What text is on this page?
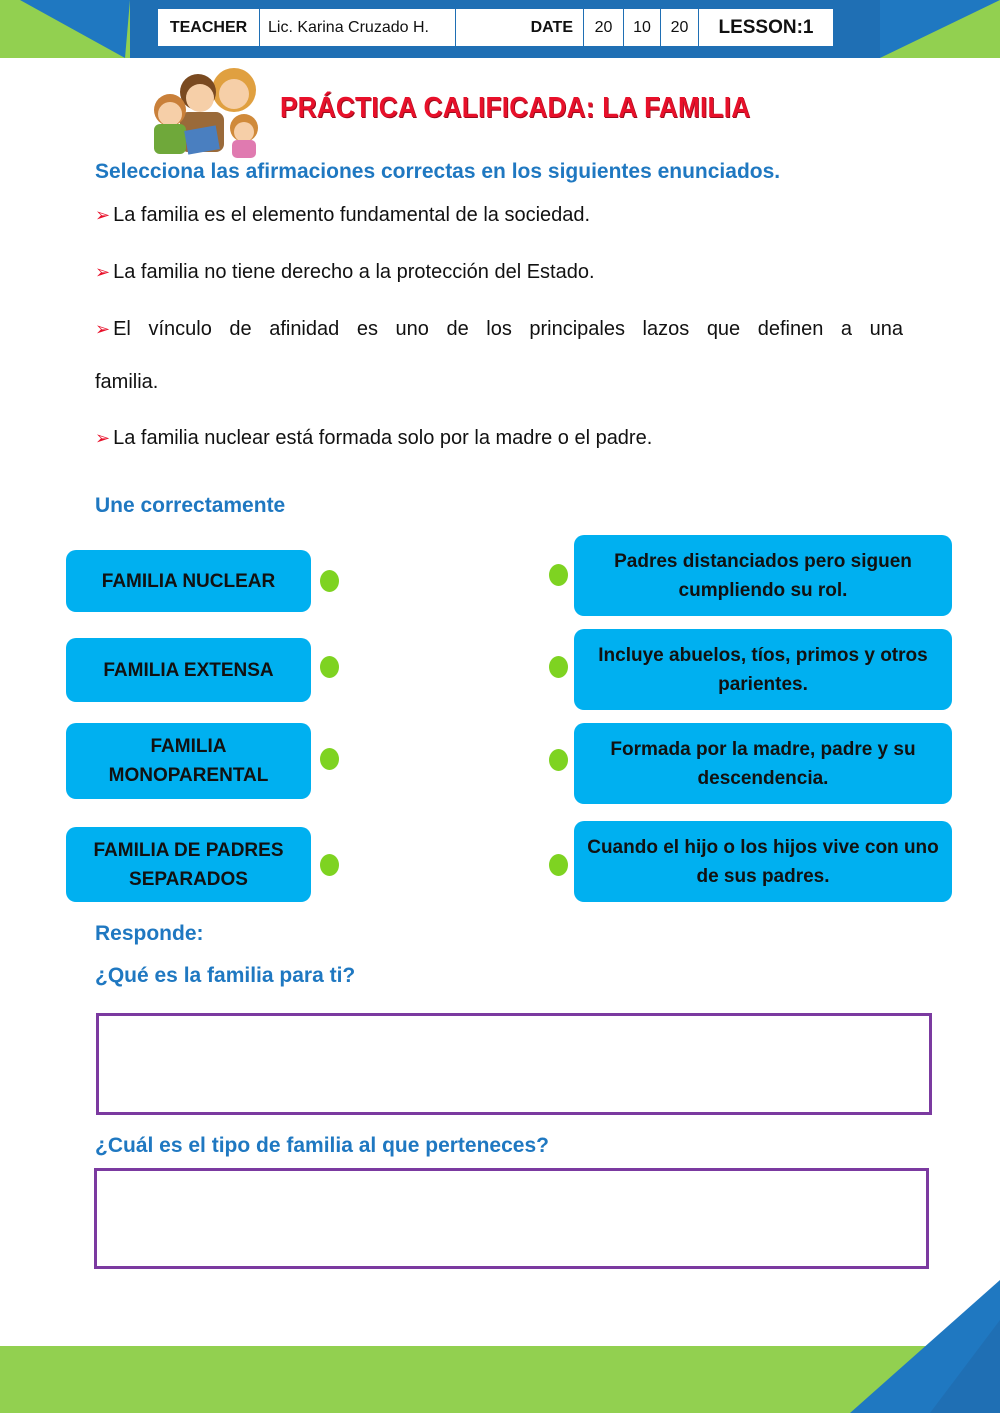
TEACHER	Lic. Karina Cruzado H.	DATE	20	10	20	LESSON:1
PRÁCTICA CALIFICADA: LA FAMILIA
Selecciona las afirmaciones correctas en los siguientes enunciados.
➢ La familia es el elemento fundamental de la sociedad.
➢ La familia no tiene derecho a la protección del Estado.
➢ El vínculo de afinidad es uno de los principales lazos que definen a una
familia.
➢ La familia nuclear está formada solo por la madre o el padre.
Une correctamente
FAMILIA NUCLEAR
FAMILIA EXTENSA
FAMILIA MONOPARENTAL
FAMILIA DE PADRES SEPARADOS
Padres distanciados pero siguen cumpliendo su rol.
Incluye abuelos, tíos, primos y otros parientes.
Formada por la madre, padre y su descendencia.
Cuando el hijo o los hijos vive con uno de sus padres.
Responde:
¿Qué es la familia para ti?
¿Cuál es el tipo de familia al que perteneces?
